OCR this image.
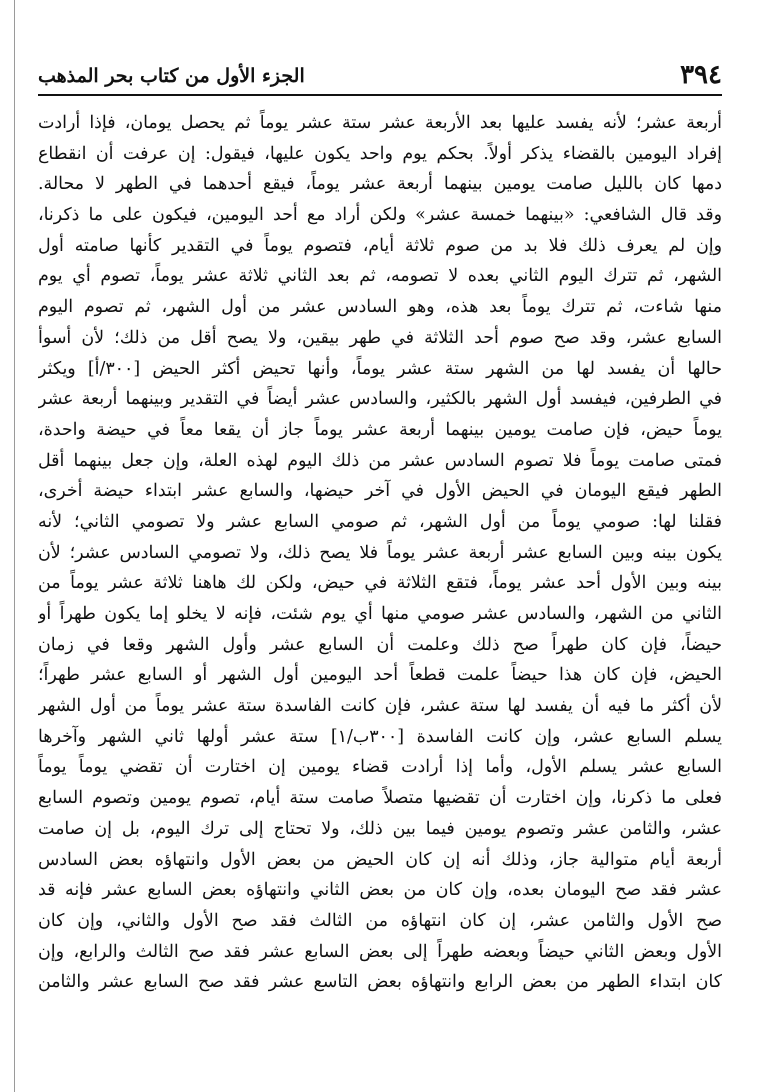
٣٩٤
الجزء الأول من كتاب بحر المذهب
أربعة عشر؛ لأنه يفسد عليها بعد الأربعة عشر ستة عشر يوماً ثم يحصل يومان، فإذا أرادت
إفراد اليومين بالقضاء يذكر أولاً. بحكم يوم واحد يكون عليها، فيقول: إن عرفت أن انقطاع
دمها كان بالليل صامت يومين بينهما أربعة عشر يوماً، فيقع أحدهما في الطهر لا محالة.
وقد قال الشافعي: «بينهما خمسة عشر» ولكن أراد مع أحد اليومين، فيكون على ما ذكرنا،
وإن لم يعرف ذلك فلا بد من صوم ثلاثة أيام، فتصوم يوماً في التقدير كأنها صامته أول
الشهر، ثم تترك اليوم الثاني بعده لا تصومه، ثم بعد الثاني ثلاثة عشر يوماً، تصوم أي يوم
منها شاءت، ثم تترك يوماً بعد هذه، وهو السادس عشر من أول الشهر، ثم تصوم اليوم
السابع عشر، وقد صح صوم أحد الثلاثة في طهر بيقين، ولا يصح أقل من ذلك؛ لأن أسوأ
حالها أن يفسد لها من الشهر ستة عشر يوماً، وأنها تحيض أكثر الحيض [٣٠٠/أ] ويكثر
في الطرفين، فيفسد أول الشهر بالكثير، والسادس عشر أيضاً في التقدير وبينهما أربعة عشر
يوماً حيض، فإن صامت يومين بينهما أربعة عشر يوماً جاز أن يقعا معاً في حيضة واحدة،
فمتى صامت يوماً فلا تصوم السادس عشر من ذلك اليوم لهذه العلة، وإن جعل بينهما أقل
الطهر فيقع اليومان في الحيض الأول في آخر حيضها، والسابع عشر ابتداء حيضة أخرى،
فقلنا لها: صومي يوماً من أول الشهر، ثم صومي السابع عشر ولا تصومي الثاني؛ لأنه
يكون بينه وبين السابع عشر أربعة عشر يوماً فلا يصح ذلك، ولا تصومي السادس عشر؛ لأن
بينه وبين الأول أحد عشر يوماً، فتقع الثلاثة في حيض، ولكن لك هاهنا ثلاثة عشر يوماً من
الثاني من الشهر، والسادس عشر صومي منها أي يوم شئت، فإنه لا يخلو إما يكون طهراً أو
حيضاً، فإن كان طهراً صح ذلك وعلمت أن السابع عشر وأول الشهر وقعا في زمان
الحيض، فإن كان هذا حيضاً علمت قطعاً أحد اليومين أول الشهر أو السابع عشر طهراً؛
لأن أكثر ما فيه أن يفسد لها ستة عشر، فإن كانت الفاسدة ستة عشر يوماً من أول الشهر
يسلم السابع عشر، وإن كانت الفاسدة [٣٠٠ب/١] ستة عشر أولها ثاني الشهر وآخرها
السابع عشر يسلم الأول، وأما إذا أرادت قضاء يومين إن اختارت أن تقضي يوماً يوماً
فعلى ما ذكرنا، وإن اختارت أن تقضيها متصلاً صامت ستة أيام، تصوم يومين وتصوم السابع
عشر، والثامن عشر وتصوم يومين فيما بين ذلك، ولا تحتاج إلى ترك اليوم، بل إن صامت
أربعة أيام متوالية جاز، وذلك أنه إن كان الحيض من بعض الأول وانتهاؤه بعض السادس
عشر فقد صح اليومان بعده، وإن كان من بعض الثاني وانتهاؤه بعض السابع عشر فإنه قد
صح الأول والثامن عشر، إن كان انتهاؤه من الثالث فقد صح الأول والثاني، وإن كان
الأول وبعض الثاني حيضاً وبعضه طهراً إلى بعض السابع عشر فقد صح الثالث والرابع، وإن
كان ابتداء الطهر من بعض الرابع وانتهاؤه بعض التاسع عشر فقد صح السابع عشر والثامن
